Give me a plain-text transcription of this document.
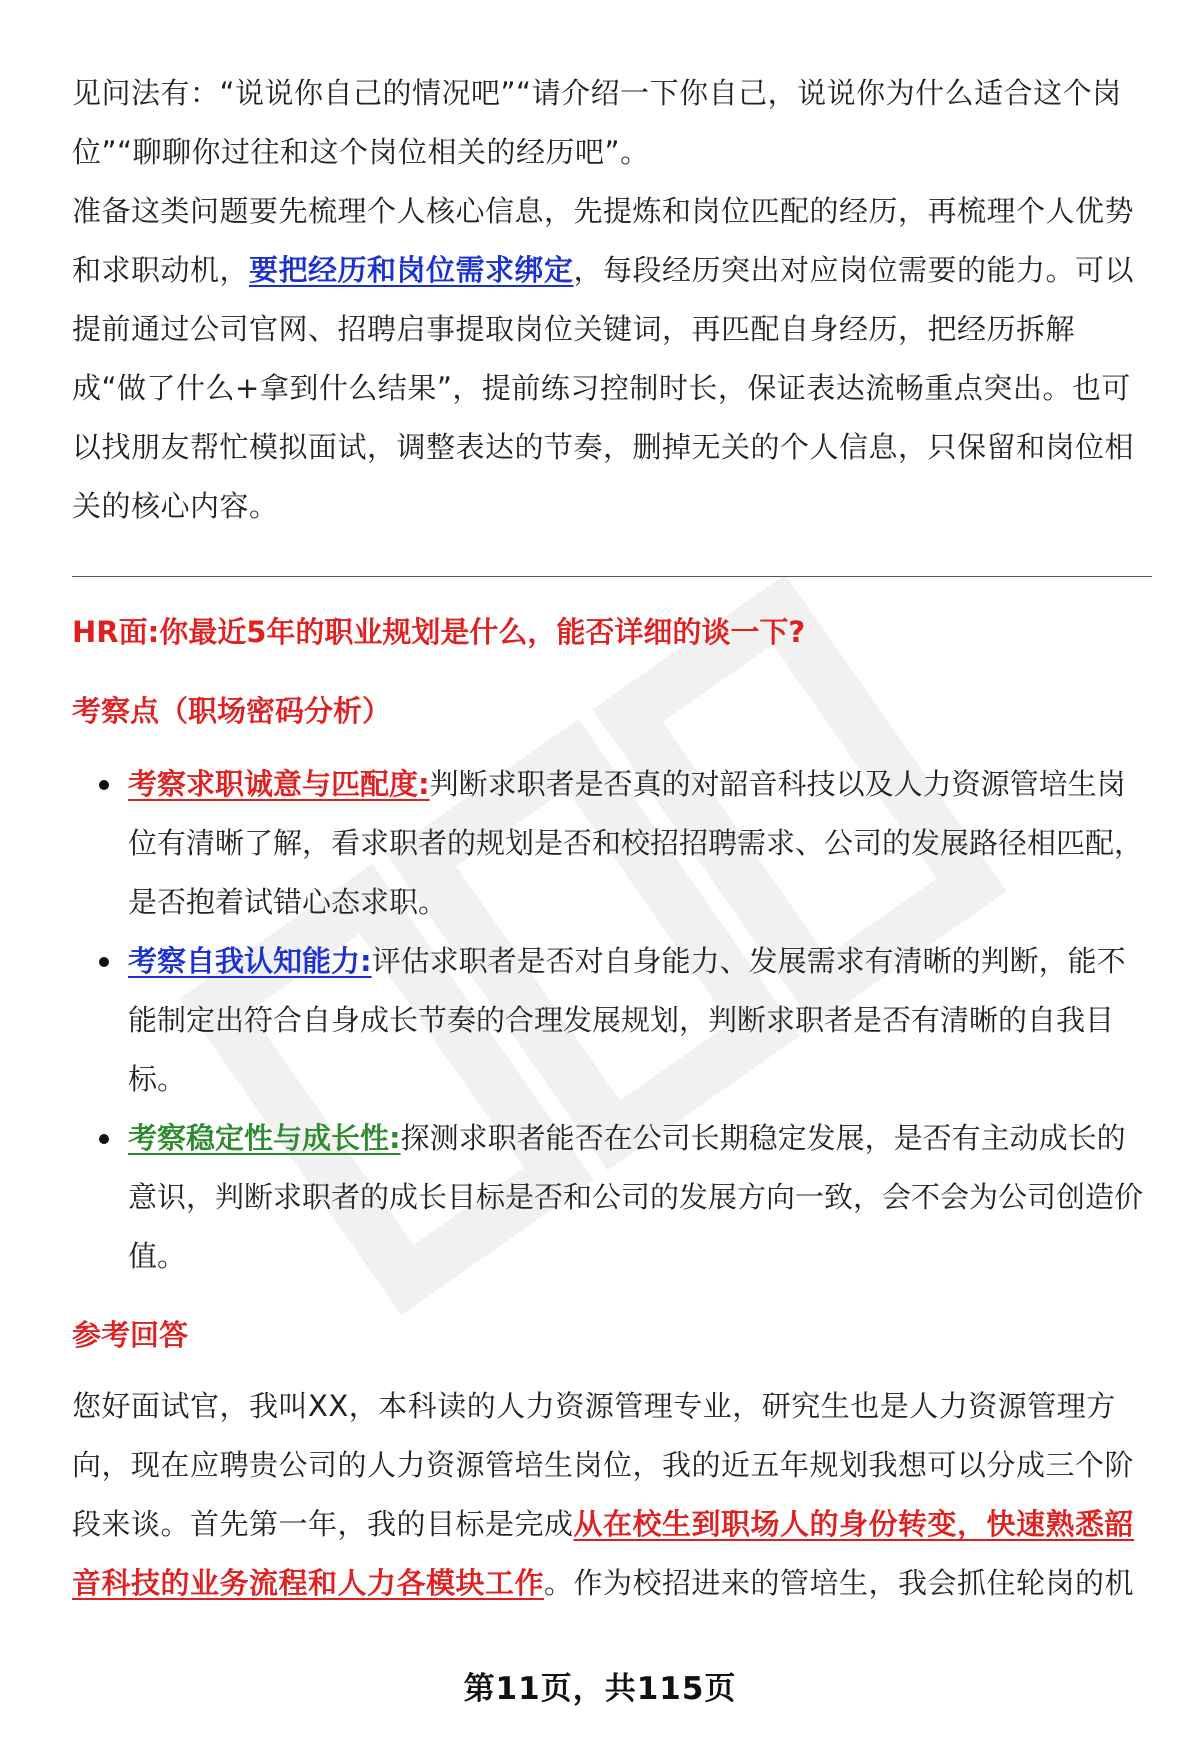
见问法有：“说说你自己的情况吧”“请介绍一下你自己，说说你为什么适合这个岗位”“聊聊你过往和这个岗位相关的经历吧”。

准备这类问题要先梳理个人核心信息，先提炼和岗位匹配的经历，再梳理个人优势和求职动机，要把经历和岗位需求绑定，每段经历突出对应岗位需要的能力。可以提前通过公司官网、招聘启事提取岗位关键词，再匹配自身经历，把经历拆解成“做了什么+拿到什么结果”，提前练习控制时长，保证表达流畅重点突出。也可以找朋友帮忙模拟面试，调整表达的节奏，删掉无关的个人信息，只保留和岗位相关的核心内容。

HR面:你最近5年的职业规划是什么，能否详细的谈一下?
考察点（职场密码分析）
考察求职诚意与匹配度:判断求职者是否真的对韶音科技以及人力资源管培生岗位有清晰了解，看求职者的规划是否和校招招聘需求、公司的发展路径相匹配，是否抱着试错心态求职。
考察自我认知能力:评估求职者是否对自身能力、发展需求有清晰的判断，能不能制定出符合自身成长节奏的合理发展规划，判断求职者是否有清晰的自我目标。
考察稳定性与成长性:探测求职者能否在公司长期稳定发展，是否有主动成长的意识，判断求职者的成长目标是否和公司的发展方向一致，会不会为公司创造价值。
参考回答

您好面试官，我叫XX，本科读的人力资源管理专业，研究生也是人力资源管理方向，现在应聘贵公司的人力资源管培生岗位，我的近五年规划我想可以分成三个阶段来谈。首先第一年，我的目标是完成从在校生到职场人的身份转变，快速熟悉韶音科技的业务流程和人力各模块工作。作为校招进来的管培生，我会抓住轮岗的机

第11页，共115页
